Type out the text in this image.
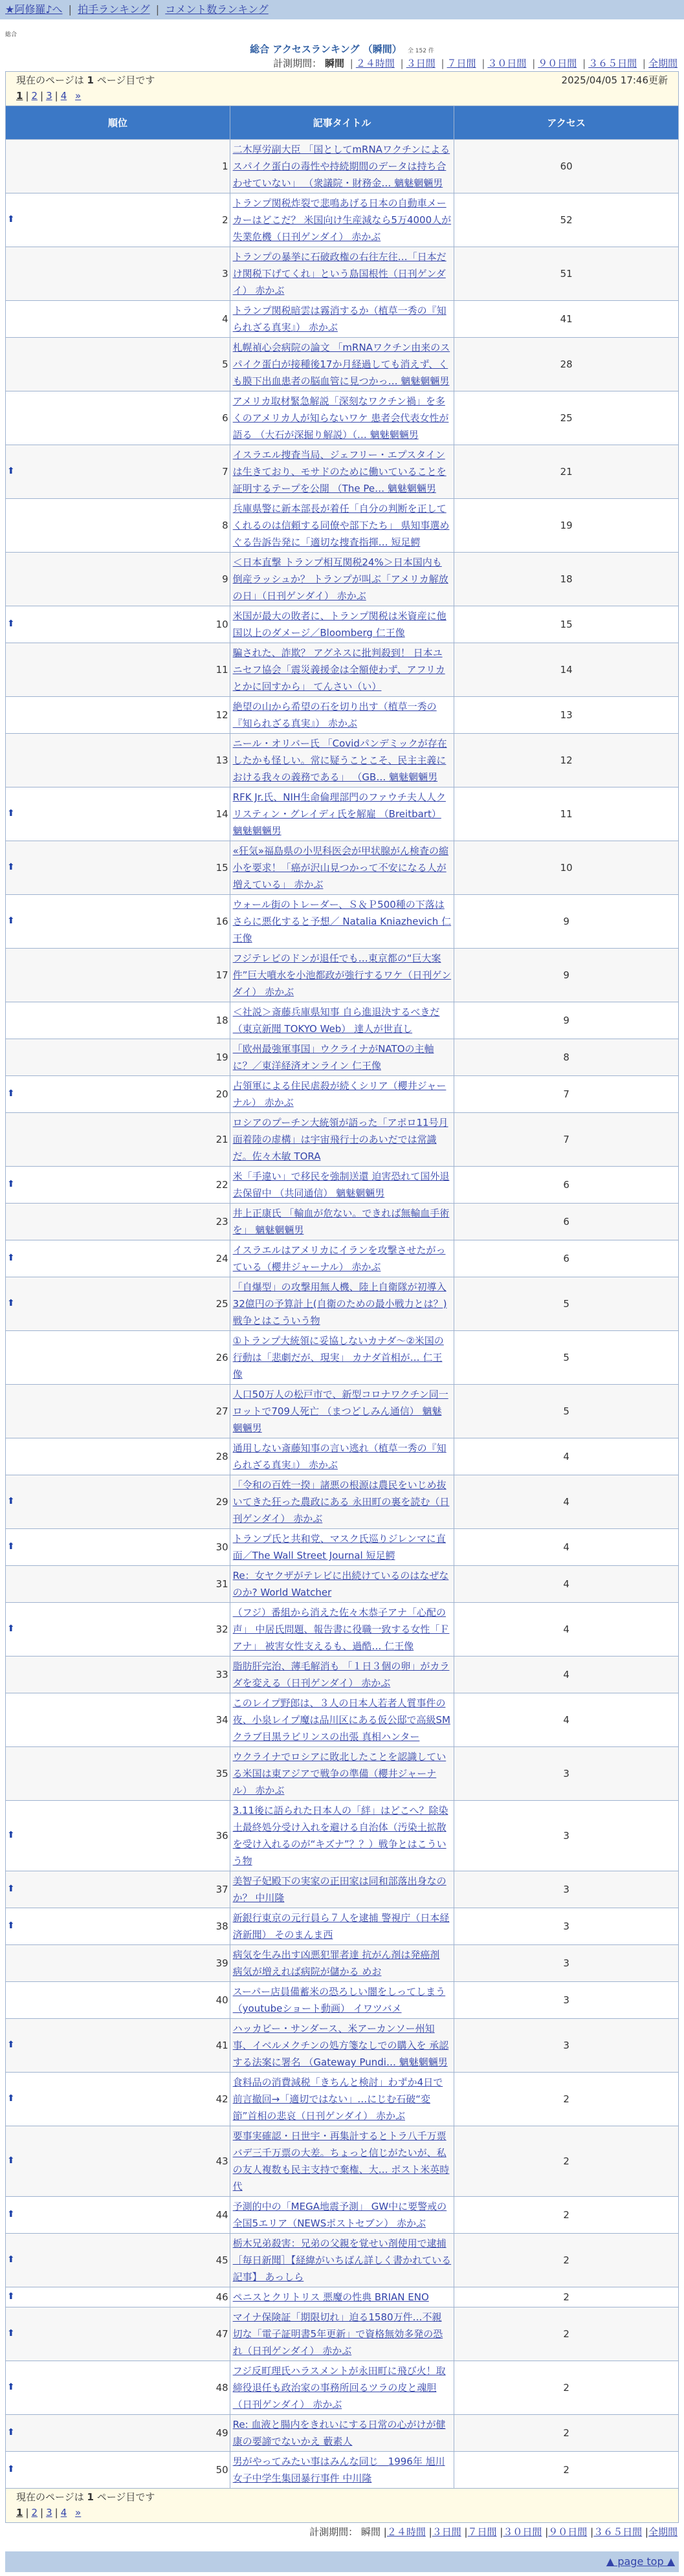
★阿修羅♪へ | 拍手ランキング | コメント数ランキング
総合
総合 アクセスランキング （瞬間） 全 152 件
計測期間： 瞬間 | ２４時間 | ３日間 | ７日間 | ３０日間 | ９０日間 | ３６５日間 | 全期間
現在のページは 1 ページ目です 2025/04/05 17:46更新
1 | 2 | 3 | 4 »		

順位	記事タイトル	アクセス
1	二木厚労副大臣 「国としてmRNAワクチンによるスパイク蛋白の毒性や持続期間のデータは持ち合わせていない」 （衆議院・財務金… 魑魅魍魎男	60

⬆ 2	トランプ関税炸裂で悲鳴あげる日本の自動車メーカーはどこだ？ 米国向け生産減なら5万4000人が失業危機（日刊ゲンダイ） 赤かぶ	52
3	トランプの暴挙に石破政権の右往左往…「日本だけ関税下げてくれ」という島国根性（日刊ゲンダイ） 赤かぶ	51
4	トランプ関税暗雲は霧消するか（植草一秀の『知られざる真実』） 赤かぶ	41
5	札幌禎心会病院の論文 「mRNAワクチン由来のスパイク蛋白が接種後17か月経過しても消えず、くも膜下出血患者の脳血管に見つかっ… 魑魅魍魎男	28
6	アメリカ取材緊急解説「深刻なワクチン禍」を多くのアメリカ人が知らないワケ 患者会代表女性が語る （大石が深掘り解説）（… 魑魅魍魎男	25

⬆ 7	イスラエル捜査当局、ジェフリー・エプスタインは生きており、モサドのために働いていることを証明するテープを公開 （The Pe… 魑魅魍魎男	21
8	兵庫県警に新本部長が着任「自分の判断を正してくれるのは信頼する同僚や部下たち」 県知事選めぐる告訴告発に「適切な捜査指揮… 短足鰐	19
9	＜日本直撃 トランプ相互関税24%＞日本国内も倒産ラッシュか？ トランプが叫ぶ「アメリカ解放の日」（日刊ゲンダイ） 赤かぶ	18

⬆ 10	米国が最大の敗者に、トランプ関税は米資産に他国以上のダメージ／Bloomberg 仁王像	15
11	騙された、詐欺？ アグネスに批判殺到！ 日本ユニセフ協会「震災義援金は全額使わず、アフリカとかに回すから」 てんさい（い）	14
12	絶望の山から希望の石を切り出す（植草一秀の『知られざる真実』） 赤かぶ	13
13	ニール・オリバー氏 「Covidパンデミックが存在したかも怪しい。常に疑うことこそ、民主主義における我々の義務である」 （GB… 魑魅魍魎男	12

⬆ 14	RFK Jr.氏、NIH生命倫理部門のファウチ夫人人クリスティン・グレイディ氏を解雇 （Breitbart） 魑魅魍魎男	11

⬆ 15	«狂気»福島県の小児科医会が甲状腺がん検査の縮小を要求！「癌が沢山見つかって不安になる人が増えている」 赤かぶ	10

⬆ 16	ウォール街のトレーダー、Ｓ＆Ｐ500種の下落はさらに悪化すると予想／ Natalia Kniazhevich 仁王像	9
17	フジテレビのドンが退任でも…東京都の“巨大案件”巨大噴水を小池都政が強行するワケ（日刊ゲンダイ） 赤かぶ	9
18	＜社説＞斎藤兵庫県知事 自ら進退決するべきだ（東京新聞 TOKYO Web） 達人が世直し	9
19	「欧州最強軍事国」ウクライナがNATOの主軸に？／東洋経済オンライン 仁王像	8

⬆ 20	占領軍による住民虐殺が続くシリア（櫻井ジャーナル） 赤かぶ	7
21	ロシアのプーチン大統領が語った「アポロ11号月面着陸の虚構」は宇宙飛行士のあいだでは常識だ。佐々木敏 TORA	7

⬆ 22	米「手違い」で移民を強制送還 迫害恐れて国外退去保留中 （共同通信） 魑魅魍魎男	6
23	井上正康氏 「輸血が危ない。できれば無輸血手術を」 魑魅魍魎男	6

⬆ 24	イスラエルはアメリカにイランを攻撃させたがっている（櫻井ジャーナル） 赤かぶ	6

⬆ 25	「自爆型」の攻撃用無人機、陸上自衛隊が初導入 32億円の予算計上(自衛のための最小戦力とは？) 戦争とはこういう物	5
26	①トランプ大統領に妥協しないカナダ～②米国の行動は「悲劇だが、現実」 カナダ首相が… 仁王像	5
27	人口50万人の松戸市で、新型コロナワクチン同一ロットで709人死亡 （まつどしみん通信） 魑魅魍魎男	5
28	通用しない斎藤知事の言い逃れ（植草一秀の『知られざる真実』） 赤かぶ	4

⬆ 29	「令和の百姓一揆」諸悪の根源は農民をいじめ抜いてきた狂った農政にある 永田町の裏を読む（日刊ゲンダイ） 赤かぶ	4

⬆ 30	トランプ氏と共和党、マスク氏巡りジレンマに直面／The Wall Street Journal 短足鰐	4
31	Re：女ヤクザがテレビに出続けているのはなぜなのか? World Watcher	4

⬆ 32	（フジ）番組から消えた佐々木恭子アナ「心配の声」 中居氏問題、報告書に役職一致する女性「Ｆアナ」 被害女性支えるも、過酷… 仁王像	4
33	脂肪肝完治、薄毛解消も 「１日３個の卵」がカラダを変える（日刊ゲンダイ） 赤かぶ	4
34	このレイプ野郎は、３人の日本人若者人質事件の夜、小泉レイプ魔は品川区にある仮公邸で高級SMクラブ目黒ラビリンスの出張 真相ハンター	4
35	ウクライナでロシアに敗北したことを認識している米国は東アジアで戦争の準備（櫻井ジャーナル） 赤かぶ	3

⬆ 36	3.11後に語られた日本人の「絆」はどこへ？除染土最終処分受け入れを避ける自治体（汚染土拡散を受け入れるのが“キズナ”？？）戦争とはこういう物	3

⬆ 37	美智子妃殿下の実家の正田家は同和部落出身なのか？ 中川隆	3

⬆ 38	新銀行東京の元行員ら７人を逮捕 警視庁（日本経済新聞） そのまんま西	3
39	病気を生み出す凶悪犯罪者達 抗がん剤は発癌剤 病気が増えれば病院が儲かる めお	3
40	スーパー店員備蓄米の恐ろしい闇をしってしまう（youtubeショート動画） イワツバメ	3

⬆ 41	ハッカビー・サンダース、米アーカンソー州知事、イベルメクチンの処方箋なしでの購入を 承認する法案に署名 （Gateway Pundi… 魑魅魍魎男	3

⬆ 42	食料品の消費減税「きちんと検討」わずか4日で前言撤回→「適切ではない」…にじむ石破“変節”首相の悲哀（日刊ゲンダイ） 赤かぶ	2

⬆ 43	要事実確認・日世宇・再集計するとトラ八千万票バデ三千万票の大差。ちょっと信じがたいが、私の友人複数も民主支持で棄権、大… ポスト米英時代	2

⬆ 44	予測的中の「MEGA地震予測」 GW中に要警戒の全国5エリア（NEWSポストセブン） 赤かぶ	2

⬆ 45	栃木兄弟殺害：兄弟の父親を覚せい剤使用で逮捕 ［毎日新聞］【経緯がいちばん詳しく書かれている記事】 あっしら	2

⬆ 46	ペニスとクリトリス 悪魔の性典 BRIAN ENO	2

⬆ 47	マイナ保険証「期限切れ」迫る1580万件…不親切な「電子証明書5年更新」で資格無効多発の恐れ（日刊ゲンダイ） 赤かぶ	2

⬆ 48	フジ反町理氏ハラスメントが永田町に飛び火！取締役退任も政治家の事務所回るツラの皮と魂胆（日刊ゲンダイ） 赤かぶ	2

⬆ 49	Re: 血液と腸内をきれいにする日常の心がけが健康の要諦でないかえ 藪素人	2

⬆ 50	男がやってみたい事はみんな同じ＿1996年 旭川女子中学生集団暴行事件 中川隆	2

現在のページは 1 ページ目です
1 | 2 | 3 | 4 »		
計測期間： 瞬間 |２４時間 |３日間 |７日間 |３０日間 |９０日間 |３６５日間 |全期間
▲ page top ▲
